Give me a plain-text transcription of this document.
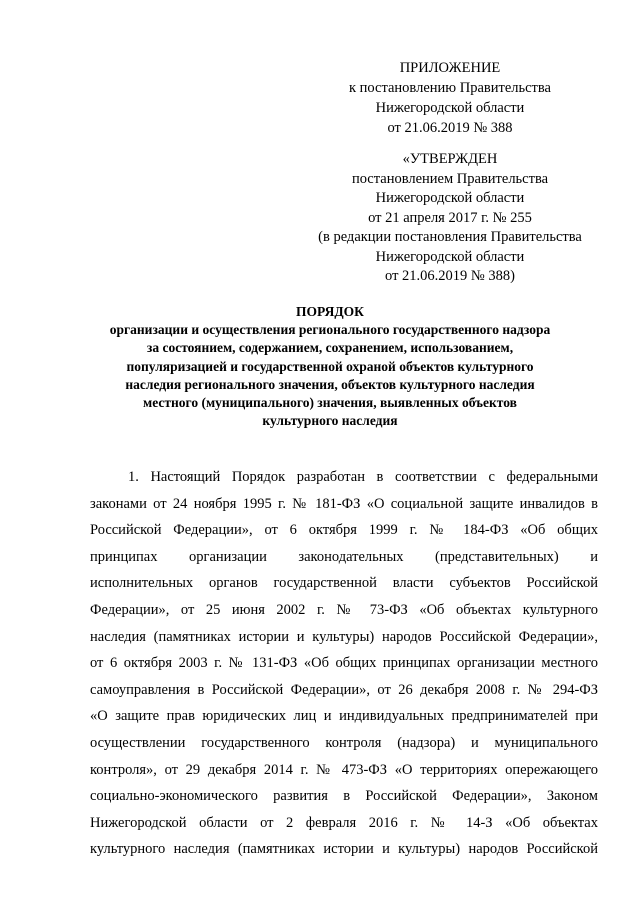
ПРИЛОЖЕНИЕ
к постановлению Правительства
Нижегородской области
от 21.06.2019 № 388
«УТВЕРЖДЕН
постановлением Правительства
Нижегородской области
от 21 апреля 2017 г. № 255
(в редакции постановления Правительства
Нижегородской области
от 21.06.2019 № 388)
ПОРЯДОК
организации и осуществления регионального государственного надзора
за состоянием, содержанием, сохранением, использованием,
популяризацией и государственной охраной объектов культурного
наследия регионального значения, объектов культурного наследия
местного (муниципального) значения, выявленных объектов
культурного наследия
1. Настоящий Порядок разработан в соответствии с федеральными
законами от 24 ноября 1995 г. № 181-ФЗ «О социальной защите инвалидов в
Российской Федерации», от 6 октября 1999 г. № 184-ФЗ «Об общих
принципах организации законодательных (представительных) и
исполнительных органов государственной власти субъектов Российской
Федерации», от 25 июня 2002 г. № 73-ФЗ «Об объектах культурного
наследия (памятниках истории и культуры) народов Российской Федерации»,
от 6 октября 2003 г. № 131-ФЗ «Об общих принципах организации местного
самоуправления в Российской Федерации», от 26 декабря 2008 г. № 294-ФЗ
«О защите прав юридических лиц и индивидуальных предпринимателей при
осуществлении государственного контроля (надзора) и муниципального
контроля», от 29 декабря 2014 г. № 473-ФЗ «О территориях опережающего
социально-экономического развития в Российской Федерации», Законом
Нижегородской области от 2 февраля 2016 г. № 14-З «Об объектах
культурного наследия (памятниках истории и культуры) народов Российской
